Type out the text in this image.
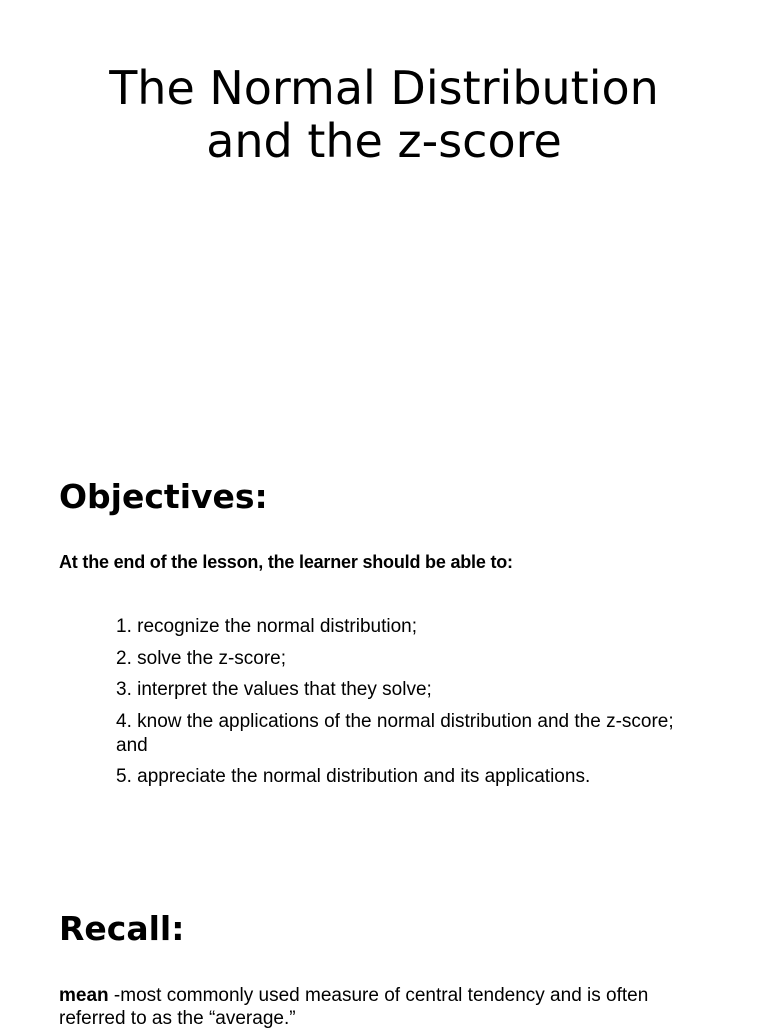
The Normal Distribution and the z-score
Objectives:

At the end of the lesson, the learner should be able to:

1. recognize the normal distribution;
2. solve the z-score;
3. interpret the values that they solve;
4. know the applications of the normal distribution and the z-score; and
5. appreciate the normal distribution and its applications.
Recall:

mean -most commonly used measure of central tendency and is often referred to as the “average.”
